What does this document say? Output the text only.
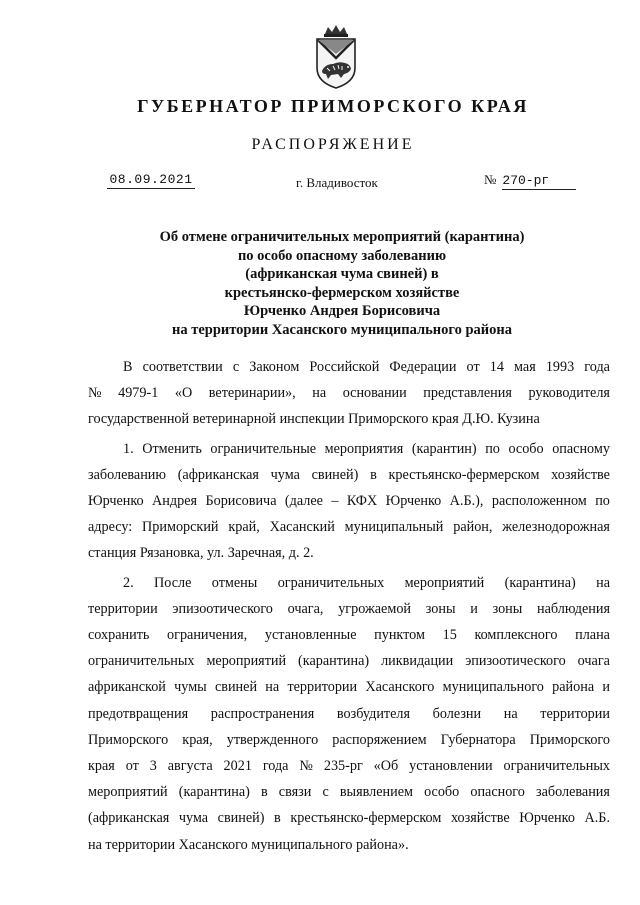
ГУБЕРНАТОР ПРИМОРСКОГО КРАЯ
РАСПОРЯЖЕНИЕ
08.09.2021	г. Владивосток	№ 270-рг
Об отмене ограничительных мероприятий (карантина)
по особо опасному заболеванию
(африканская чума свиней) в
крестьянско-фермерском хозяйстве
Юрченко Андрея Борисовича
на территории Хасанского муниципального района
В соответствии с Законом Российской Федерации от 14 мая 1993 года
№ 4979-1 «О ветеринарии», на основании представления руководителя
государственной ветеринарной инспекции Приморского края Д.Ю. Кузина
1. Отменить ограничительные мероприятия (карантин) по особо опасному
заболеванию (африканская чума свиней) в крестьянско-фермерском хозяйстве
Юрченко Андрея Борисовича (далее – КФХ Юрченко А.Б.), расположенном по
адресу: Приморский край, Хасанский муниципальный район, железнодорожная
станция Рязановка, ул. Заречная, д. 2.
2. После отмены ограничительных мероприятий (карантина) на
территории эпизоотического очага, угрожаемой зоны и зоны наблюдения
сохранить ограничения, установленные пунктом 15 комплексного плана
ограничительных мероприятий (карантина) ликвидации эпизоотического очага
африканской чумы свиней на территории Хасанского муниципального района и
предотвращения распространения возбудителя болезни на территории
Приморского края, утвержденного распоряжением Губернатора Приморского
края от 3 августа 2021 года № 235-рг «Об установлении ограничительных
мероприятий (карантина) в связи с выявлением особо опасного заболевания
(африканская чума свиней) в крестьянско-фермерском хозяйстве Юрченко А.Б.
на территории Хасанского муниципального района».
